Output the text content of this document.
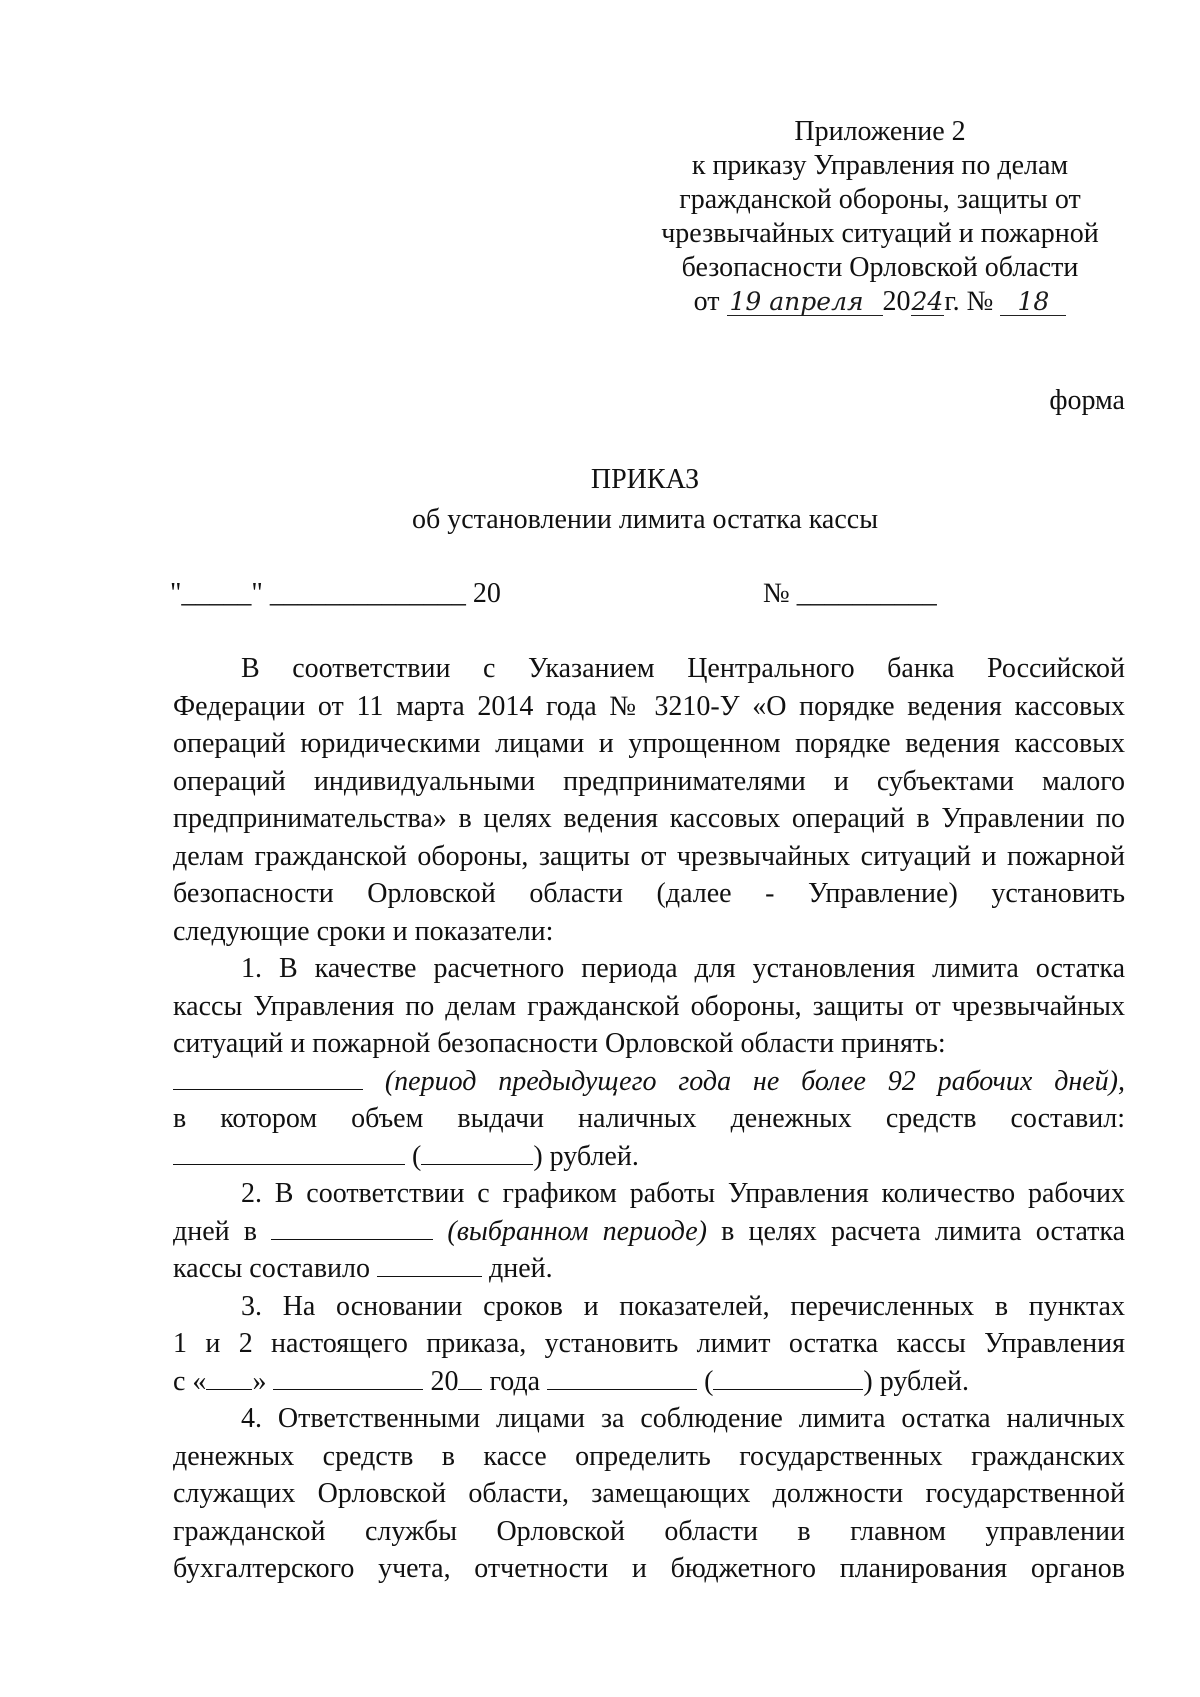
Приложение 2
к приказу Управления по делам
гражданской обороны, защиты от
чрезвычайных ситуаций и пожарной
безопасности Орловской области
от 19 апреля 2024г. № 18
форма
ПРИКАЗ
об установлении лимита остатка кассы
"_____" ______________ 20	№ __________

В соответствии с Указанием Центрального банка Российской

Федерации от 11 марта 2014 года № 3210-У «О порядке ведения кассовых

операций юридическими лицами и упрощенном порядке ведения кассовых

операций индивидуальными предпринимателями и субъектами малого

предпринимательства» в целях ведения кассовых операций в Управлении по

делам гражданской обороны, защиты от чрезвычайных ситуаций и пожарной

безопасности Орловской области (далее - Управление) установить

следующие сроки и показатели:

1. В качестве расчетного периода для установления лимита остатка

кассы Управления по делам гражданской обороны, защиты от чрезвычайных

ситуаций и пожарной безопасности Орловской области принять:

(период предыдущего года не более 92 рабочих дней),

в котором объем выдачи наличных денежных средств составил:

(	) рублей.

2. В соответствии с графиком работы Управления количество рабочих

дней в	(выбранном периоде) в целях расчета лимита остатка

кассы составило	дней.

3. На основании сроков и показателей, перечисленных в пунктах

1 и 2 настоящего приказа, установить лимит остатка кассы Управления

с « »	20 года	(	) рублей.

4. Ответственными лицами за соблюдение лимита остатка наличных

денежных средств в кассе определить государственных гражданских

служащих Орловской области, замещающих должности государственной

гражданской службы Орловской области в главном управлении

бухгалтерского учета, отчетности и бюджетного планирования органов
